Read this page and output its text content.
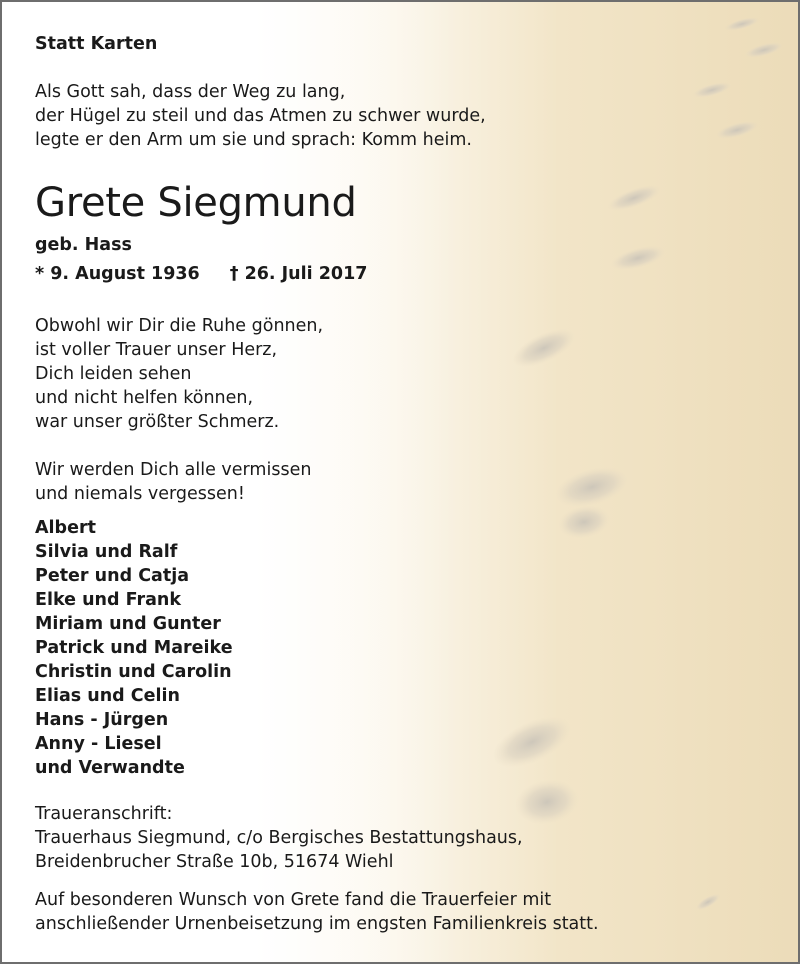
Statt Karten
Als Gott sah, dass der Weg zu lang,
der Hügel zu steil und das Atmen zu schwer wurde,
legte er den Arm um sie und sprach: Komm heim.
Grete Siegmund
geb. Hass
* 9. August 1936 † 26. Juli 2017
Obwohl wir Dir die Ruhe gönnen,
ist voller Trauer unser Herz,
Dich leiden sehen
und nicht helfen können,
war unser größter Schmerz.
Wir werden Dich alle vermissen
und niemals vergessen!
Albert
Silvia und Ralf
Peter und Catja
Elke und Frank
Miriam und Gunter
Patrick und Mareike
Christin und Carolin
Elias und Celin
Hans - Jürgen
Anny - Liesel
und Verwandte
Traueranschrift:
Trauerhaus Siegmund, c/o Bergisches Bestattungshaus,
Breidenbrucher Straße 10b, 51674 Wiehl
Auf besonderen Wunsch von Grete fand die Trauerfeier mit
anschließender Urnenbeisetzung im engsten Familienkreis statt.
